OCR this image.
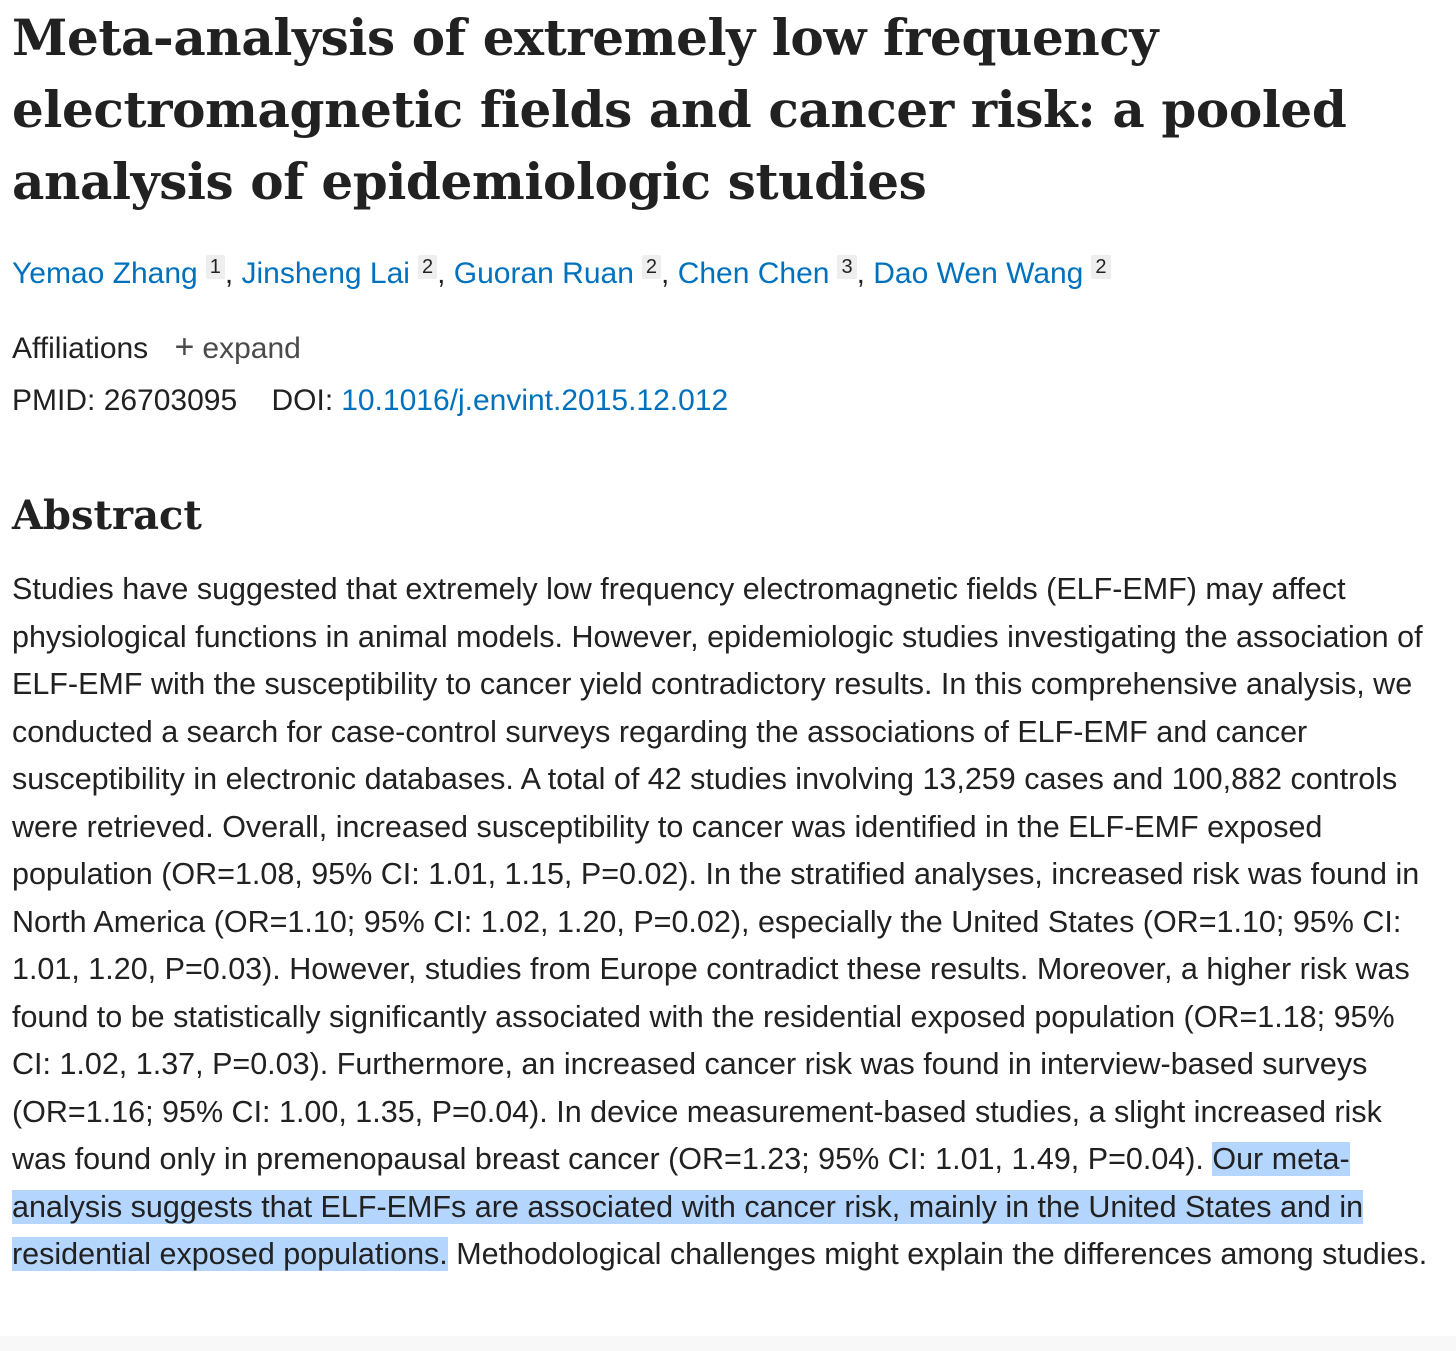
Meta-analysis of extremely low frequency electromagnetic fields and cancer risk: a pooled analysis of epidemiologic studies
Yemao Zhang 1 , Jinsheng Lai 2 , Guoran Ruan 2 , Chen Chen 3 , Dao Wen Wang 2
Affiliations + expand
PMID: 26703095 DOI: 10.1016/j.envint.2015.12.012
Abstract

Studies have suggested that extremely low frequency electromagnetic fields (ELF-EMF) may affect physiological functions in animal models. However, epidemiologic studies investigating the association of ELF-EMF with the susceptibility to cancer yield contradictory results. In this comprehensive analysis, we conducted a search for case-control surveys regarding the associations of ELF-EMF and cancer susceptibility in electronic databases. A total of 42 studies involving 13,259 cases and 100,882 controls were retrieved. Overall, increased susceptibility to cancer was identified in the ELF-EMF exposed population (OR=1.08, 95% CI: 1.01, 1.15, P=0.02). In the stratified analyses, increased risk was found in North America (OR=1.10; 95% CI: 1.02, 1.20, P=0.02), especially the United States (OR=1.10; 95% CI: 1.01, 1.20, P=0.03). However, studies from Europe contradict these results. Moreover, a higher risk was found to be statistically significantly associated with the residential exposed population (OR=1.18; 95% CI: 1.02, 1.37, P=0.03). Furthermore, an increased cancer risk was found in interview-based surveys (OR=1.16; 95% CI: 1.00, 1.35, P=0.04). In device measurement-based studies, a slight increased risk was found only in premenopausal breast cancer (OR=1.23; 95% CI: 1.01, 1.49, P=0.04). Our meta-analysis suggests that ELF-EMFs are associated with cancer risk, mainly in the United States and in residential exposed populations. Methodological challenges might explain the differences among studies.
